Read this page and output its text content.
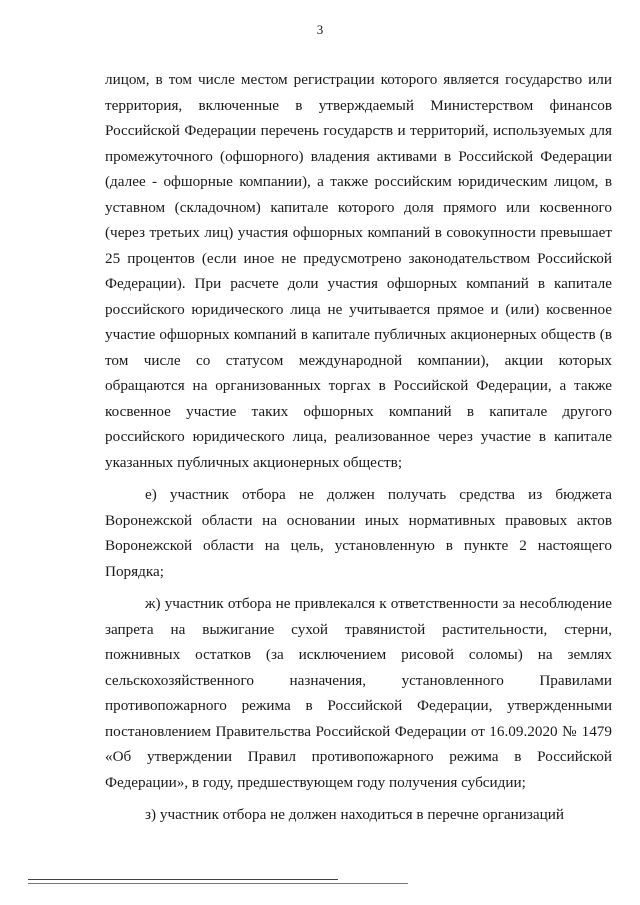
3

лицом, в том числе местом регистрации которого является государство или территория, включенные в утверждаемый Министерством финансов Российской Федерации перечень государств и территорий, используемых для промежуточного (офшорного) владения активами в Российской Федерации (далее - офшорные компании), а также российским юридическим лицом, в уставном (складочном) капитале которого доля прямого или косвенного (через третьих лиц) участия офшорных компаний в совокупности превышает 25 процентов (если иное не предусмотрено законодательством Российской Федерации). При расчете доли участия офшорных компаний в капитале российского юридического лица не учитывается прямое и (или) косвенное участие офшорных компаний в капитале публичных акционерных обществ (в том числе со статусом международной компании), акции которых обращаются на организованных торгах в Российской Федерации, а также косвенное участие таких офшорных компаний в капитале другого российского юридического лица, реализованное через участие в капитале указанных публичных акционерных обществ;

е) участник отбора не должен получать средства из бюджета Воронежской области на основании иных нормативных правовых актов Воронежской области на цель, установленную в пункте 2 настоящего Порядка;

ж) участник отбора не привлекался к ответственности за несоблюдение запрета на выжигание сухой травянистой растительности, стерни, пожнивных остатков (за исключением рисовой соломы) на землях сельскохозяйственного назначения, установленного Правилами противопожарного режима в Российской Федерации, утвержденными постановлением Правительства Российской Федерации от 16.09.2020 № 1479 «Об утверждении Правил противопожарного режима в Российской Федерации», в году, предшествующем году получения субсидии;

з) участник отбора не должен находиться в перечне организаций
